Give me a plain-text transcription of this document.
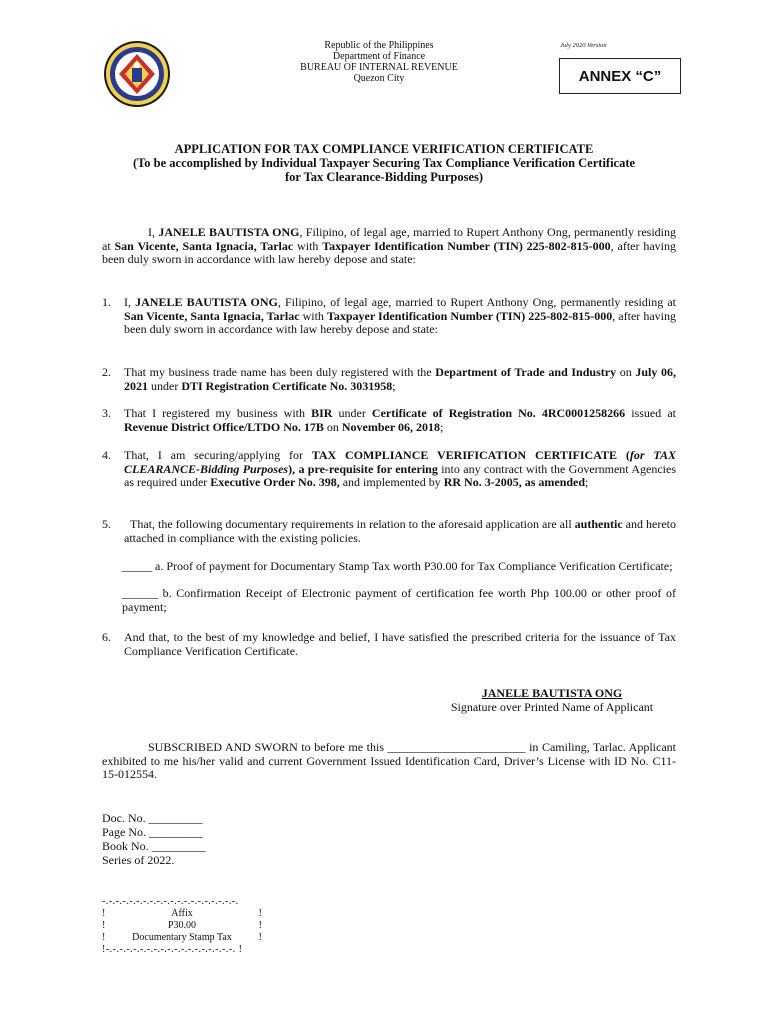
Republic of the Philippines
Department of Finance
BUREAU OF INTERNAL REVENUE
Quezon City
July 2020 Version
ANNEX “C”
APPLICATION FOR TAX COMPLIANCE VERIFICATION CERTIFICATE
(To be accomplished by Individual Taxpayer Securing Tax Compliance Verification Certificate
for Tax Clearance-Bidding Purposes)
I, JANELE BAUTISTA ONG, Filipino, of legal age, married to Rupert Anthony Ong, permanently residing at San Vicente, Santa Ignacia, Tarlac with Taxpayer Identification Number (TIN) 225-802-815-000, after having been duly sworn in accordance with law hereby depose and state:
1. I, JANELE BAUTISTA ONG, Filipino, of legal age, married to Rupert Anthony Ong, permanently residing at San Vicente, Santa Ignacia, Tarlac with Taxpayer Identification Number (TIN) 225-802-815-000, after having been duly sworn in accordance with law hereby depose and state:
2. That my business trade name has been duly registered with the Department of Trade and Industry on July 06, 2021 under DTI Registration Certificate No. 3031958;
3. That I registered my business with BIR under Certificate of Registration No. 4RC0001258266 issued at Revenue District Office/LTDO No. 17B on November 06, 2018;
4. That, I am securing/applying for TAX COMPLIANCE VERIFICATION CERTIFICATE (for TAX CLEARANCE-Bidding Purposes), a pre-requisite for entering into any contract with the Government Agencies as required under Executive Order No. 398, and implemented by RR No. 3-2005, as amended;
5.	That, the following documentary requirements in relation to the aforesaid application are all authentic and hereto attached in compliance with the existing policies.
_____ a. Proof of payment for Documentary Stamp Tax worth P30.00 for Tax Compliance Verification Certificate;
______ b. Confirmation Receipt of Electronic payment of certification fee worth Php 100.00 or other proof of payment;
6. And that, to the best of my knowledge and belief, I have satisfied the prescribed criteria for the issuance of Tax Compliance Verification Certificate.
JANELE BAUTISTA ONG
Signature over Printed Name of Applicant
SUBSCRIBED AND SWORN to before me this _______________________ in Camiling, Tarlac. Applicant exhibited to me his/her valid and current Government Issued Identification Card, Driver’s License with ID No. C11-15-012554.
Doc. No. _________
Page No. _________
Book No. _________
Series of 2022.
-.-.-.-.-.-.-.-.-.-.-.-.-.-.-.-.-.-.-.-.
!	Affix	!
!	P30.00	!
!	Documentary Stamp Tax	!
!-.-.-.-.-.-.-.-.-.-.-.-.-.-.-.-.-.-.-. !
